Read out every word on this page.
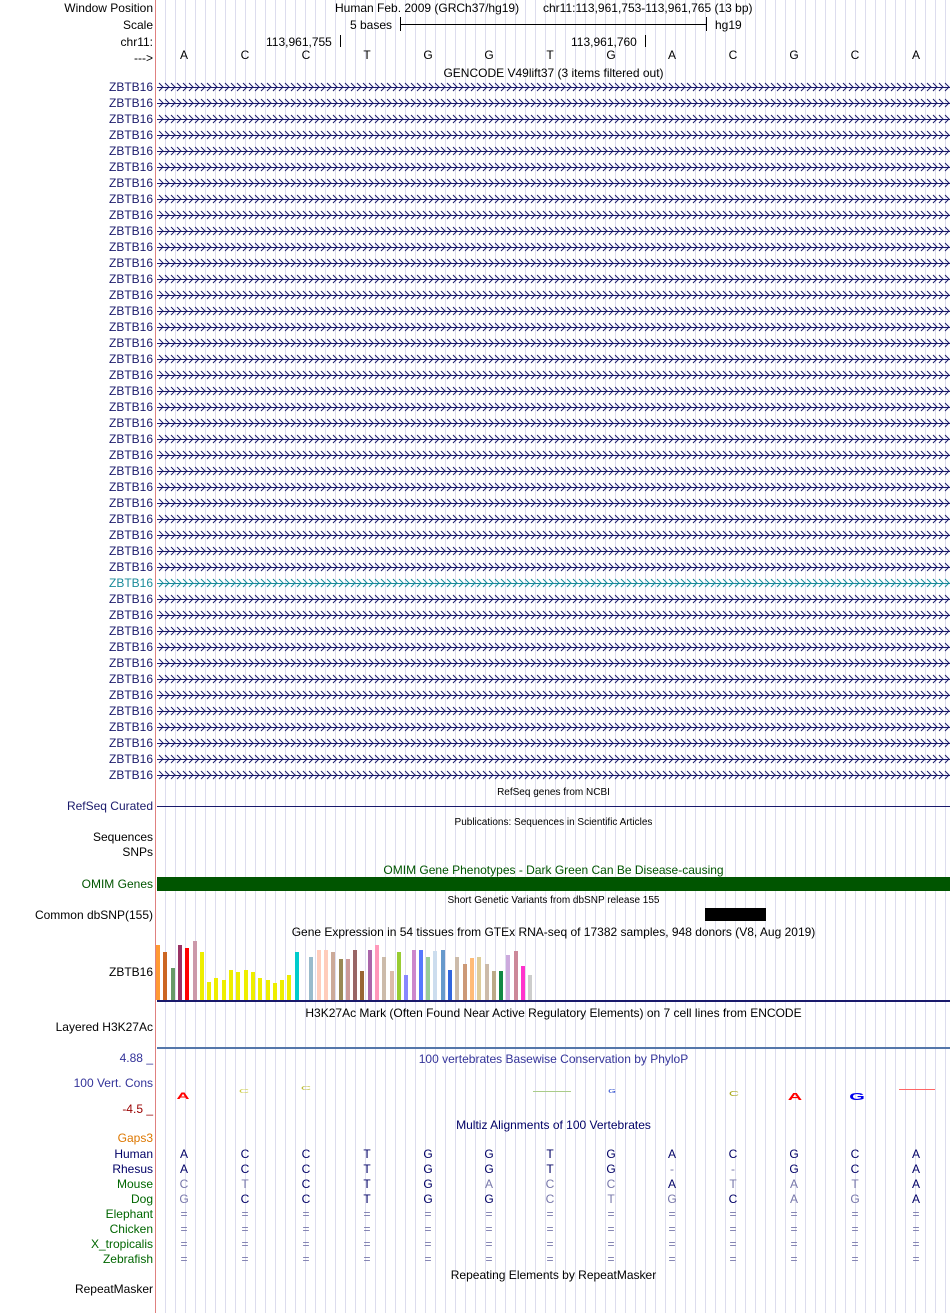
Window Position
Scale
chr11:
--->
Human Feb. 2009 (GRCh37/hg19) chr11:113,961,753-113,961,765 (13 bp)
5 bases	hg19
113,961,755	113,961,760
A	C	C	T	G	G	T	G	A	C	G	C	A
GENCODE V49lift37 (3 items filtered out)
ZBTB16
ZBTB16
ZBTB16
ZBTB16
ZBTB16
ZBTB16
ZBTB16
ZBTB16
ZBTB16
ZBTB16
ZBTB16
ZBTB16
ZBTB16
ZBTB16
ZBTB16
ZBTB16
ZBTB16
ZBTB16
ZBTB16
ZBTB16
ZBTB16
ZBTB16
ZBTB16
ZBTB16
ZBTB16
ZBTB16
ZBTB16
ZBTB16
ZBTB16
ZBTB16
ZBTB16
ZBTB16
ZBTB16
ZBTB16
ZBTB16
ZBTB16
ZBTB16
ZBTB16
ZBTB16
ZBTB16
ZBTB16
ZBTB16
ZBTB16
ZBTB16
RefSeq genes from NCBI
RefSeq Curated
Publications: Sequences in Scientific Articles
Sequences
SNPs
OMIM Gene Phenotypes - Dark Green Can Be Disease-causing
OMIM Genes
Short Genetic Variants from dbSNP release 155
Common dbSNP(155)
Gene Expression in 54 tissues from GTEx RNA-seq of 17382 samples, 948 donors (V8, Aug 2019)
ZBTB16
H3K27Ac Mark (Often Found Near Active Regulatory Elements) on 7 cell lines from ENCODE
Layered H3K27Ac
100 vertebrates Basewise Conservation by PhyloP
4.88 _
100 Vert. Cons
-4.5 _
A	C	C	G	C A G
Multiz Alignments of 100 Vertebrates
Gaps3
Human	A	C	C	T	G	G	T	G	A	C	G	C	A
Rhesus	A	C	C	T	G	G	T	G	-	-	G	C	A
Mouse	C	T	C	T	G	A	C	C	A	T	A	T	A
Dog	G	C	C	T	G	G	C	T	G	C	A	G	A
Elephant	=	=	=	=	=	=	=	=	=	=	=	=	=
Chicken	=	=	=	=	=	=	=	=	=	=	=	=	=
X_tropicalis	=	=	=	=	=	=	=	=	=	=	=	=	=
Zebrafish	=	=	=	=	=	=	=	=	=	=	=	=	=
Repeating Elements by RepeatMasker
RepeatMasker
